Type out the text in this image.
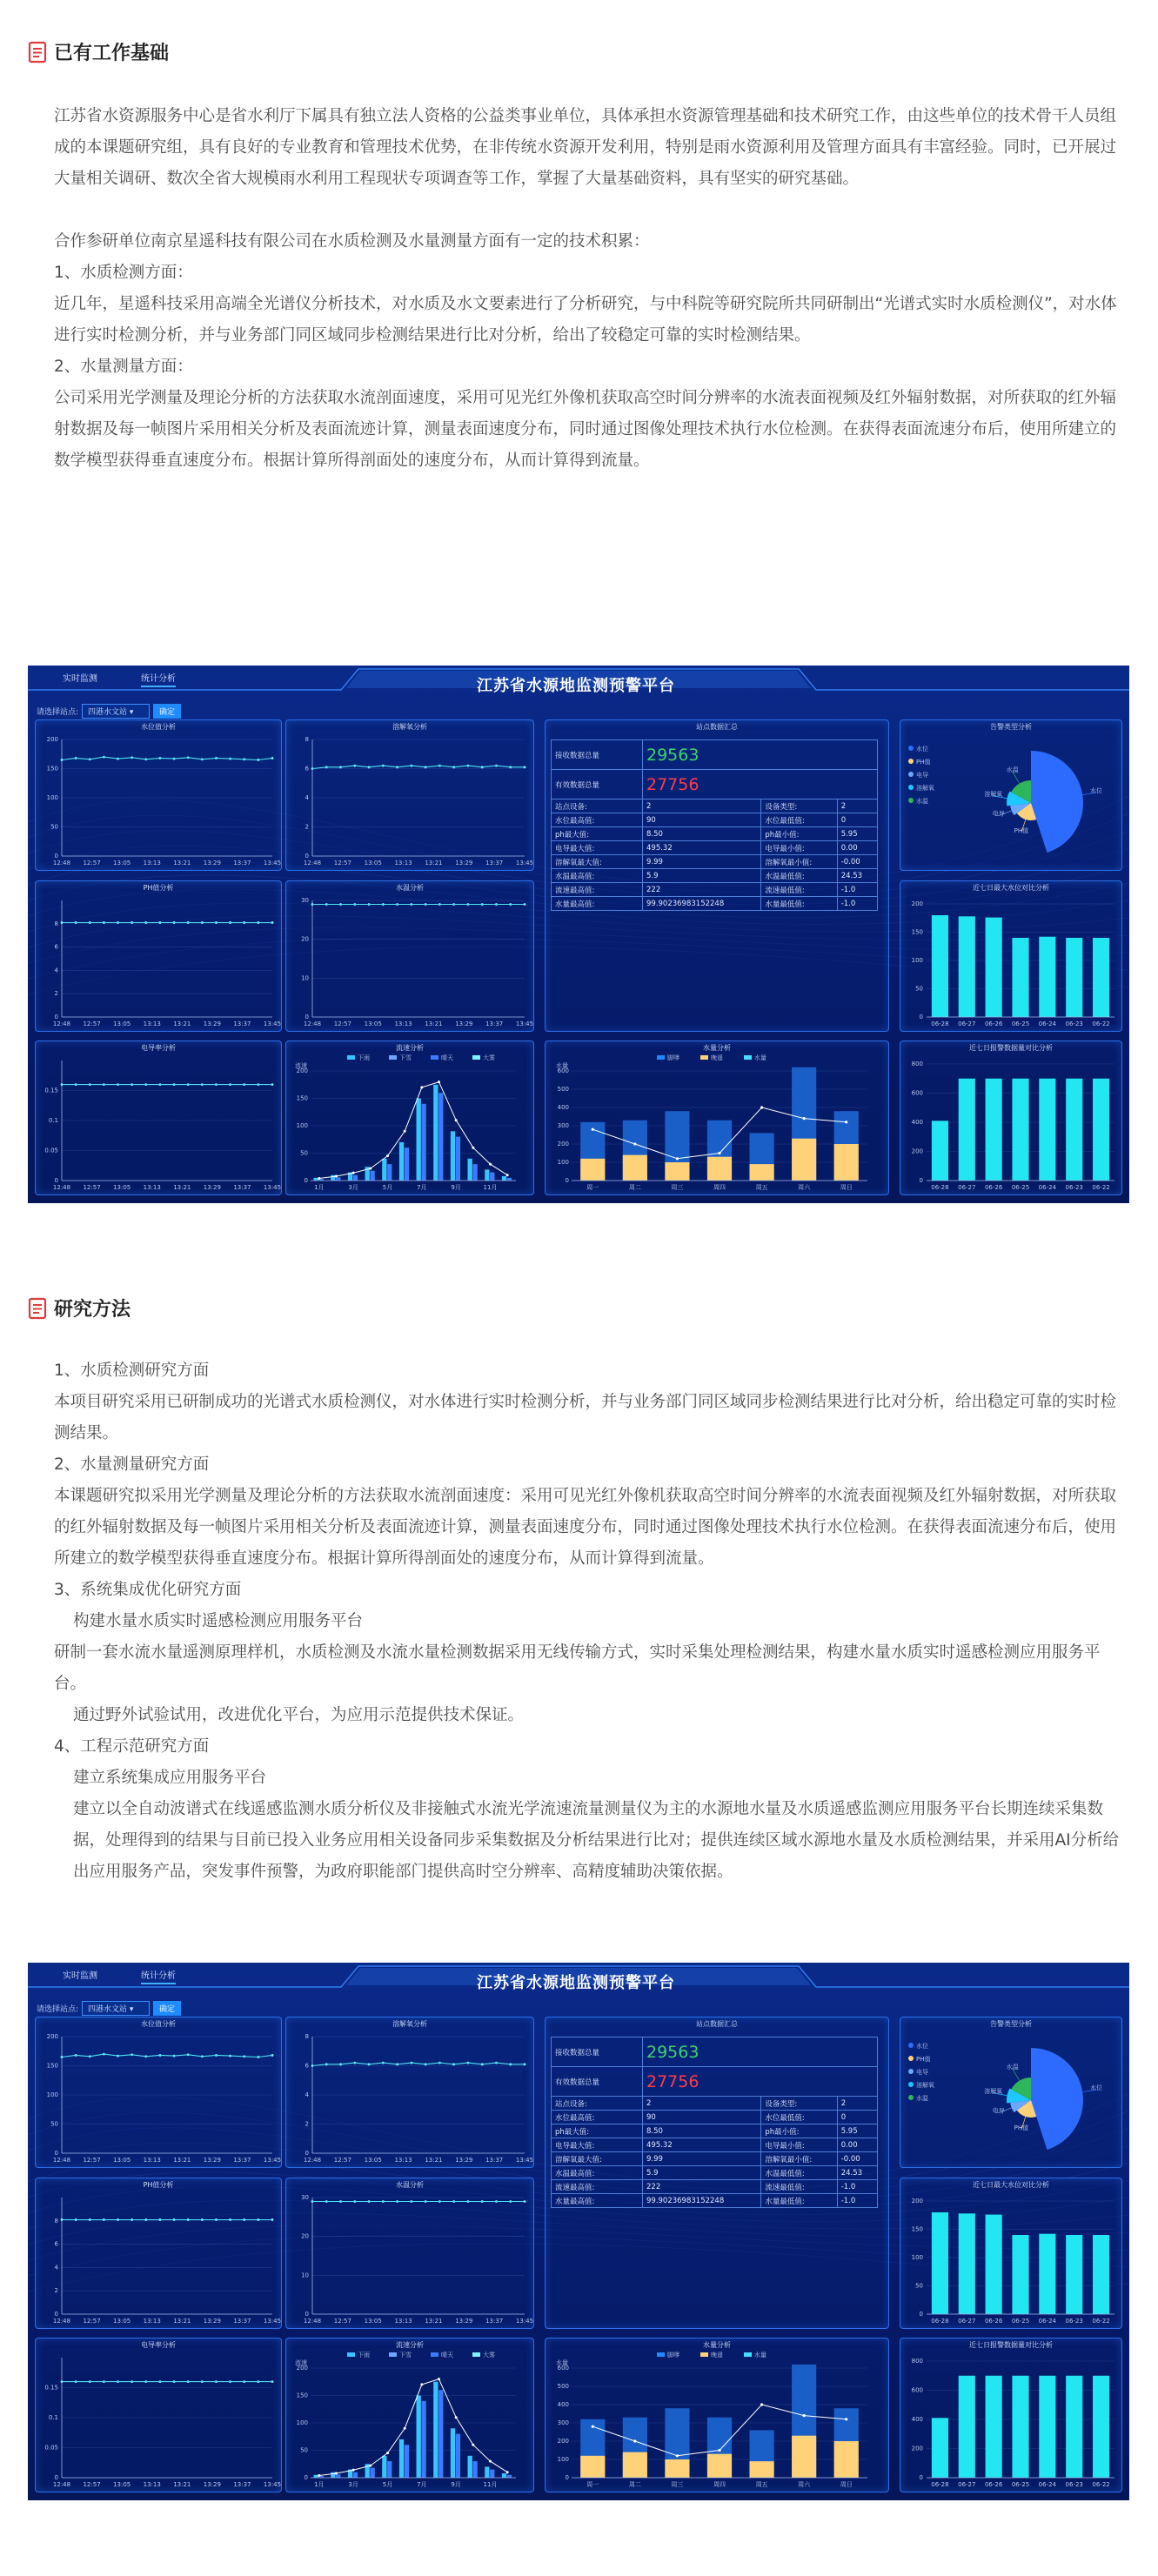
已有工作基础

江苏省水资源服务中心是省水利厅下属具有独立法人资格的公益类事业单位，具体承担水资源管理基础和技术研究工作，由这些单位的技术骨干人员组成的本课题研究组，具有良好的专业教育和管理技术优势，在非传统水资源开发利用，特别是雨水资源利用及管理方面具有丰富经验。同时，已开展过大量相关调研、数次全省大规模雨水利用工程现状专项调查等工作，掌握了大量基础资料，具有坚实的研究基础。

合作参研单位南京星遥科技有限公司在水质检测及水量测量方面有一定的技术积累：

1、水质检测方面：

近几年，星遥科技采用高端全光谱仪分析技术，对水质及水文要素进行了分析研究，与中科院等研究院所共同研制出“光谱式实时水质检测仪”，对水体进行实时检测分析，并与业务部门同区域同步检测结果进行比对分析，给出了较稳定可靠的实时检测结果。

2、水量测量方面：

公司采用光学测量及理论分析的方法获取水流剖面速度，采用可见光红外像机获取高空时间分辨率的水流表面视频及红外辐射数据，对所获取的红外辐射数据及每一帧图片采用相关分析及表面流迹计算，测量表面速度分布，同时通过图像处理技术执行水位检测。在获得表面流速分布后，使用所建立的数学模型获得垂直速度分布。根据计算所得剖面处的速度分布，从而计算得到流量。

实时监测	统计分析	江苏省水源地监测预警平台
请选择站点:	四港水文站 ▾	确定
水位值分析
0
50
100
150
200
12:48 12:57 13:05 13:13 13:21 13:29 13:37 13:45
溶解氧分析
0
2
4
6
8
12:48 12:57 13:05 13:13 13:21 13:29 13:37 13:45
PH值分析
0
2
4
6
8
12:48 12:57 13:05 13:13 13:21 13:29 13:37 13:45
水温分析
0
10
20
30
12:48 12:57 13:05 13:13 13:21 13:29 13:37 13:45
电导率分析
0
0.05
0.1
0.15
12:48 12:57 13:05 13:13 13:21 13:29 13:37 13:45
近七日最大水位对比分析
0
50
100
150
200
06-28 06-27 06-26 06-25 06-24 06-23 06-22
近七日报警数据量对比分析
0
200
400
600
800
06-28 06-27 06-26 06-25 06-24 06-23 06-22
流速分析
下雨	下雪	晴天	大雾
流速
0
50
100
150
200
1月	3月	5月	7月	9月	11月
水量分析
脚嗲	晚遥	水量
水量
0
100
200
300
400
500
600
周一	周二	周三	周四	周五	周六	周日
告警类型分析
水位
PH值
电导
溶解氧
水温
水位
PH值
电导
溶解氧
水温
站点数据汇总
接收数据总量	29563		
有效数据总量	27756		
站点设备:	2	设备类型:	2
水位最高值:	90	水位最低值:	0
ph最大值:	8.50	ph最小值:	5.95
电导最大值:	495.32	电导最小值:	0.00
溶解氧最大值:	9.99	溶解氧最小值:	-0.00
水温最高值:	5.9	水温最低值:	24.53
流速最高值:	222	流速最低值:	-1.0
水量最高值:	99.90236983152248	水量最低值:	-1.0
研究方法

1、水质检测研究方面

本项目研究采用已研制成功的光谱式水质检测仪，对水体进行实时检测分析，并与业务部门同区域同步检测结果进行比对分析，给出稳定可靠的实时检测结果。

2、水量测量研究方面

本课题研究拟采用光学测量及理论分析的方法获取水流剖面速度：采用可见光红外像机获取高空时间分辨率的水流表面视频及红外辐射数据，对所获取的红外辐射数据及每一帧图片采用相关分析及表面流迹计算，测量表面速度分布，同时通过图像处理技术执行水位检测。在获得表面流速分布后，使用所建立的数学模型获得垂直速度分布。根据计算所得剖面处的速度分布，从而计算得到流量。

3、系统集成优化研究方面

构建水量水质实时遥感检测应用服务平台

研制一套水流水量遥测原理样机，水质检测及水流水量检测数据采用无线传输方式，实时采集处理检测结果，构建水量水质实时遥感检测应用服务平台。

通过野外试验试用，改进优化平台，为应用示范提供技术保证。

4、工程示范研究方面

建立系统集成应用服务平台

建立以全自动波谱式在线遥感监测水质分析仪及非接触式水流光学流速流量测量仪为主的水源地水量及水质遥感监测应用服务平台长期连续采集数据，处理得到的结果与目前已投入业务应用相关设备同步采集数据及分析结果进行比对；提供连续区域水源地水量及水质检测结果，并采用AI分析给出应用服务产品，突发事件预警，为政府职能部门提供高时空分辨率、高精度辅助决策依据。

实时监测	统计分析	江苏省水源地监测预警平台
请选择站点:	四港水文站 ▾	确定
水位值分析
0
50
100
150
200
12:48 12:57 13:05 13:13 13:21 13:29 13:37 13:45
溶解氧分析
0
2
4
6
8
12:48 12:57 13:05 13:13 13:21 13:29 13:37 13:45
PH值分析
0
2
4
6
8
12:48 12:57 13:05 13:13 13:21 13:29 13:37 13:45
水温分析
0
10
20
30
12:48 12:57 13:05 13:13 13:21 13:29 13:37 13:45
电导率分析
0
0.05
0.1
0.15
12:48 12:57 13:05 13:13 13:21 13:29 13:37 13:45
近七日最大水位对比分析
0
50
100
150
200
06-28 06-27 06-26 06-25 06-24 06-23 06-22
近七日报警数据量对比分析
0
200
400
600
800
06-28 06-27 06-26 06-25 06-24 06-23 06-22
流速分析
下雨	下雪	晴天	大雾
流速
0
50
100
150
200
1月	3月	5月	7月	9月	11月
水量分析
脚嗲	晚遥	水量
水量
0
100
200
300
400
500
600
周一	周二	周三	周四	周五	周六	周日
告警类型分析
水位
PH值
电导
溶解氧
水温
水位
PH值
电导
溶解氧
水温
站点数据汇总
接收数据总量	29563		
有效数据总量	27756		
站点设备:	2	设备类型:	2
水位最高值:	90	水位最低值:	0
ph最大值:	8.50	ph最小值:	5.95
电导最大值:	495.32	电导最小值:	0.00
溶解氧最大值:	9.99	溶解氧最小值:	-0.00
水温最高值:	5.9	水温最低值:	24.53
流速最高值:	222	流速最低值:	-1.0
水量最高值:	99.90236983152248	水量最低值:	-1.0
